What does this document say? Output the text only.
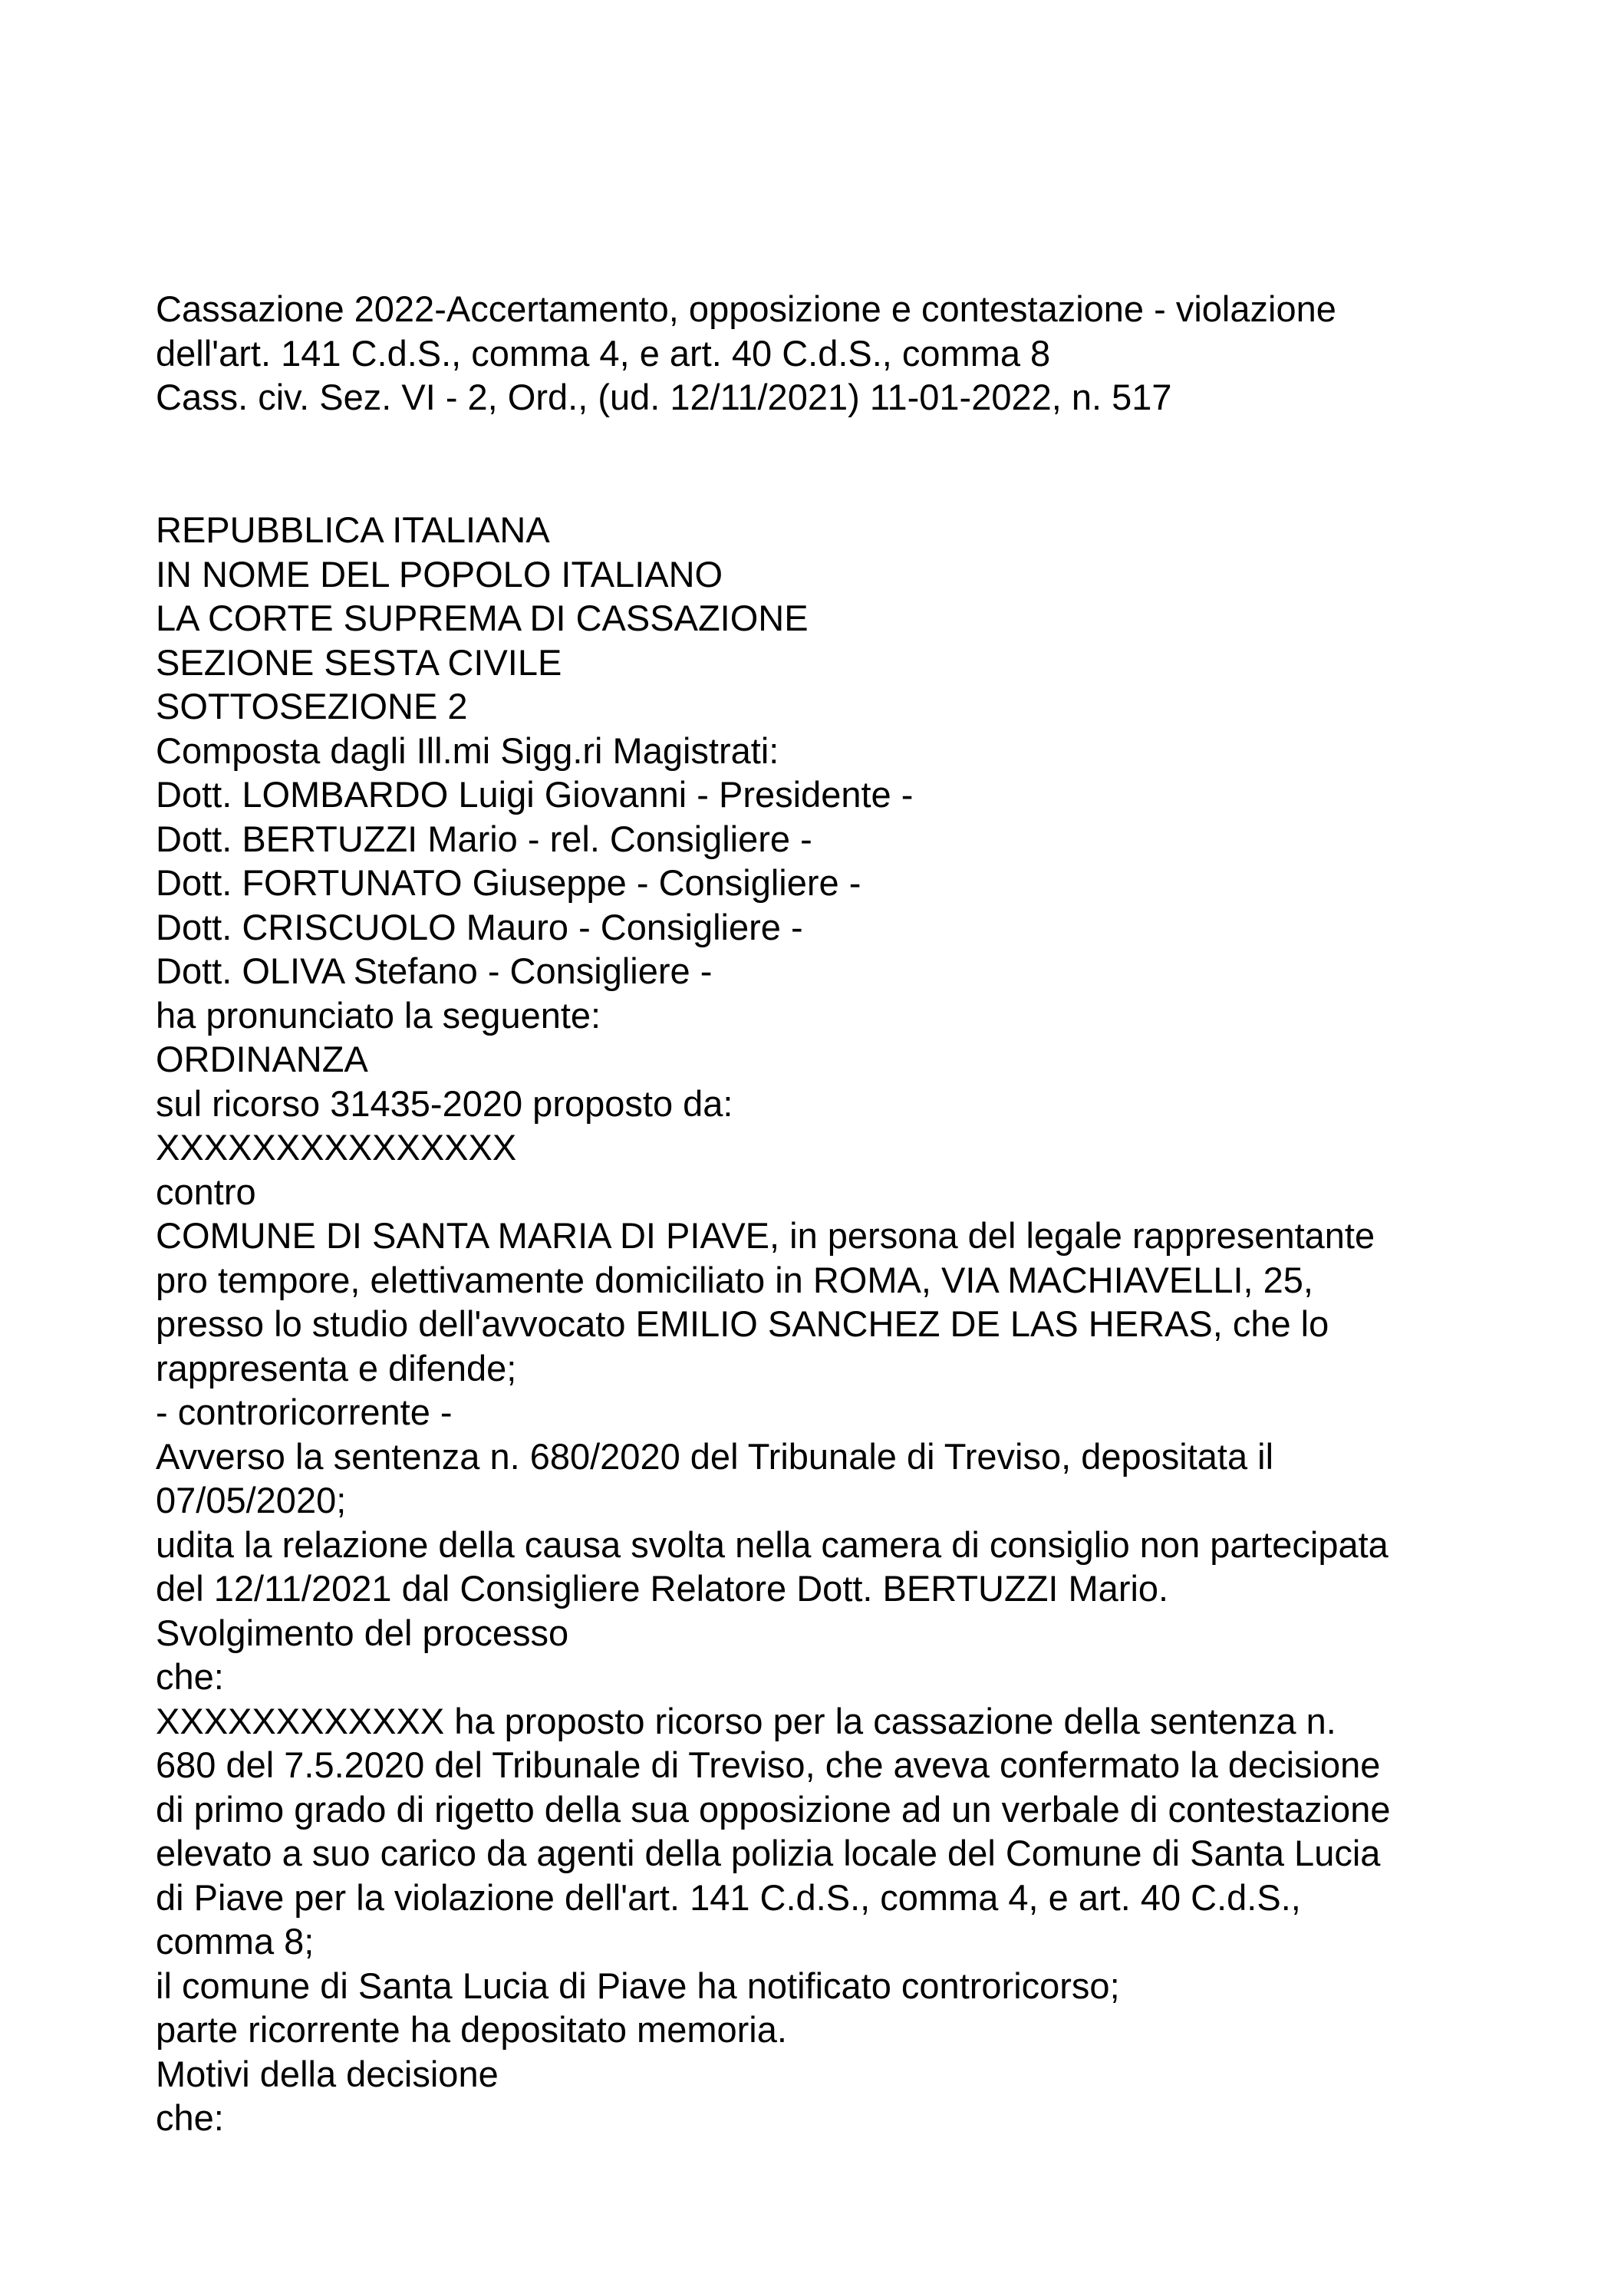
Cassazione 2022-Accertamento, opposizione e contestazione - violazione
dell'art. 141 C.d.S., comma 4, e art. 40 C.d.S., comma 8
Cass. civ. Sez. VI - 2, Ord., (ud. 12/11/2021) 11-01-2022, n. 517
REPUBBLICA ITALIANA
IN NOME DEL POPOLO ITALIANO
LA CORTE SUPREMA DI CASSAZIONE
SEZIONE SESTA CIVILE
SOTTOSEZIONE 2
Composta dagli Ill.mi Sigg.ri Magistrati:
Dott. LOMBARDO Luigi Giovanni - Presidente -
Dott. BERTUZZI Mario - rel. Consigliere -
Dott. FORTUNATO Giuseppe - Consigliere -
Dott. CRISCUOLO Mauro - Consigliere -
Dott. OLIVA Stefano - Consigliere -
ha pronunciato la seguente:
ORDINANZA
sul ricorso 31435-2020 proposto da:
XXXXXXXXXXXXXXX
contro
COMUNE DI SANTA MARIA DI PIAVE, in persona del legale rappresentante
pro tempore, elettivamente domiciliato in ROMA, VIA MACHIAVELLI, 25,
presso lo studio dell'avvocato EMILIO SANCHEZ DE LAS HERAS, che lo
rappresenta e difende;
- controricorrente -
Avverso la sentenza n. 680/2020 del Tribunale di Treviso, depositata il
07/05/2020;
udita la relazione della causa svolta nella camera di consiglio non partecipata
del 12/11/2021 dal Consigliere Relatore Dott. BERTUZZI Mario.
Svolgimento del processo
che:
XXXXXXXXXXXX ha proposto ricorso per la cassazione della sentenza n.
680 del 7.5.2020 del Tribunale di Treviso, che aveva confermato la decisione
di primo grado di rigetto della sua opposizione ad un verbale di contestazione
elevato a suo carico da agenti della polizia locale del Comune di Santa Lucia
di Piave per la violazione dell'art. 141 C.d.S., comma 4, e art. 40 C.d.S.,
comma 8;
il comune di Santa Lucia di Piave ha notificato controricorso;
parte ricorrente ha depositato memoria.
Motivi della decisione
che:
